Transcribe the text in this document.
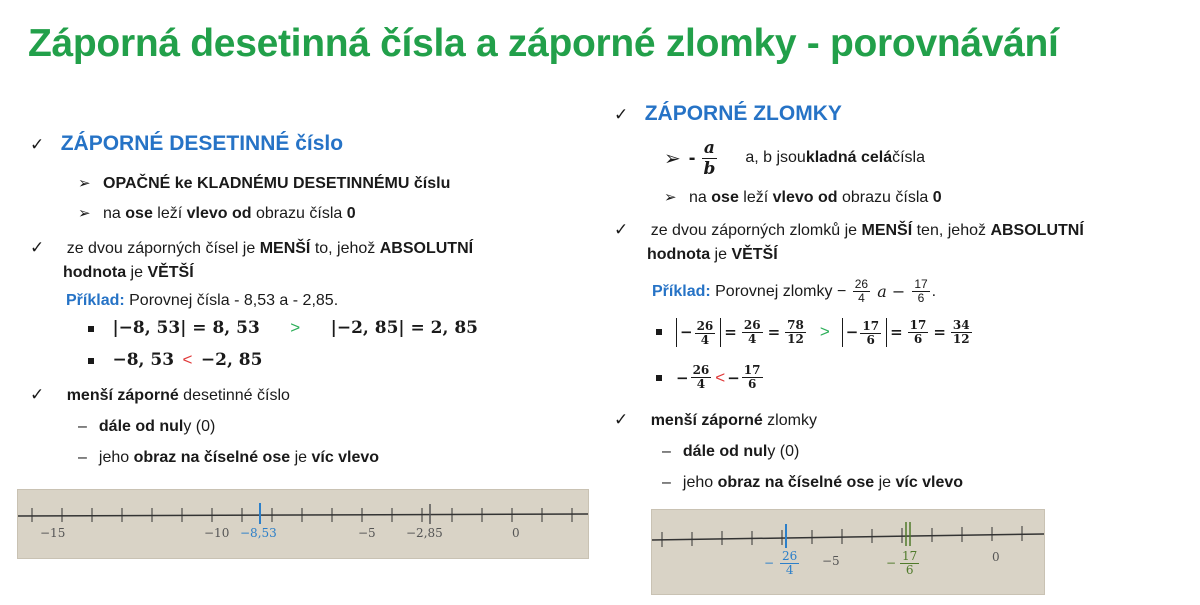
Záporná desetinná čísla a záporné zlomky - porovnávání
✓ ZÁPORNÉ DESETINNÉ číslo
➢ OPAČNÉ ke KLADNÉMU DESETINNÉMU číslu
➢ na ose leží vlevo od obrazu čísla 0
✓ ze dvou záporných čísel je MENŠÍ to, jehož ABSOLUTNÍ
hodnota je VĚTŠÍ
Příklad: Porovnej čísla - 8,53 a - 2,85.
|−8, 53| = 8, 53 > |−2, 85| = 2, 85
−8, 53 < −2, 85
✓ menší záporné desetinné číslo
– dále od nuly (0)
– jeho obraz na číselné ose je víc vlevo
−15	−10 −8,53	−5	−2,85	0
✓ ZÁPORNÉ ZLOMKY
➢ - $\frac{a}{b} a$, b jsou kladná celá čísla
➢ na ose leží vlevo od obrazu čísla 0
✓ ze dvou záporných zlomků je MENŠÍ ten, jehož ABSOLUTNÍ
hodnota je VĚTŠÍ
Příklad: Porovnej zlomky − $\frac{26}{4}$ $a - \frac{17}{6}$ .
− $\frac{26}{4} = \frac{26}{4} = \frac{78}{12}$ > − $\frac{17}{6} = \frac{17}{6} = \frac{34}{12}$
− $\frac{26}{4}$ < − $\frac{17}{6}$
✓ menší záporné zlomky
– dále od nuly (0)
– jeho obraz na číselné ose je víc vlevo
− $\frac{26}{4} -5$	− $\frac{17}{6}$	0
